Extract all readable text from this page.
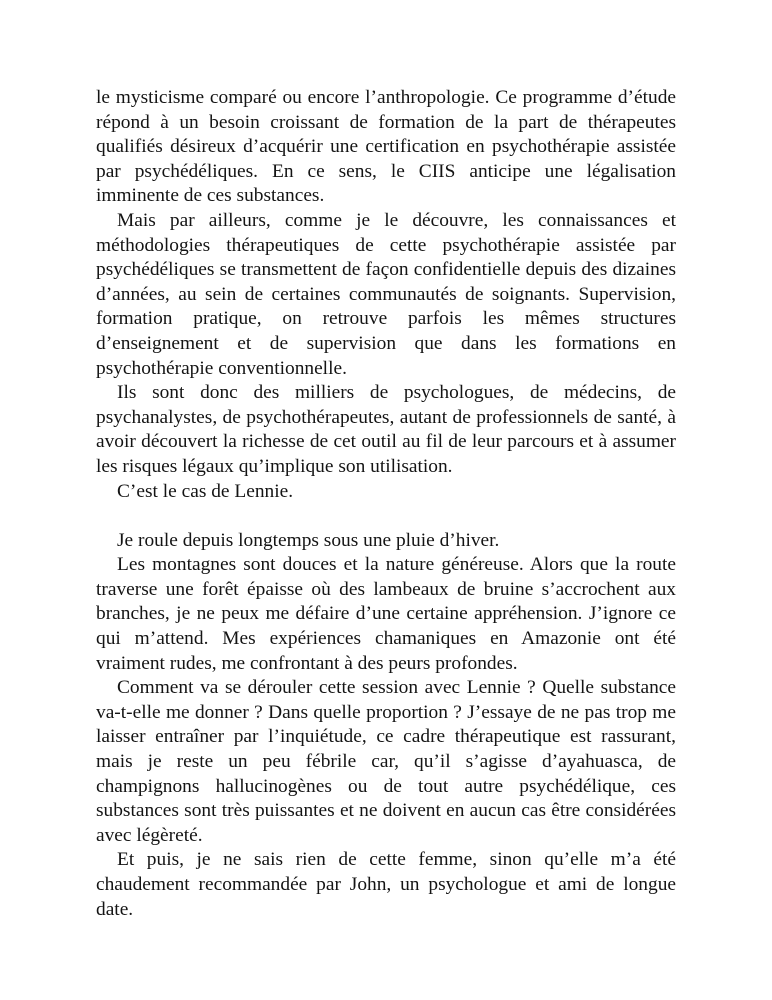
le mysticisme comparé ou encore l’anthropologie. Ce programme d’étude répond à un besoin croissant de formation de la part de thérapeutes qualifiés désireux d’acquérir une certification en psychothérapie assistée par psychédéliques. En ce sens, le CIIS anticipe une légalisation imminente de ces substances.

Mais par ailleurs, comme je le découvre, les connaissances et méthodologies thérapeutiques de cette psychothérapie assistée par psychédéliques se transmettent de façon confidentielle depuis des dizaines d’années, au sein de certaines communautés de soignants. Supervision, formation pratique, on retrouve parfois les mêmes structures d’enseignement et de supervision que dans les formations en psychothérapie conventionnelle.

Ils sont donc des milliers de psychologues, de médecins, de psychanalystes, de psychothérapeutes, autant de professionnels de santé, à avoir découvert la richesse de cet outil au fil de leur parcours et à assumer les risques légaux qu’implique son utilisation.

C’est le cas de Lennie.

Je roule depuis longtemps sous une pluie d’hiver.

Les montagnes sont douces et la nature généreuse. Alors que la route traverse une forêt épaisse où des lambeaux de bruine s’accrochent aux branches, je ne peux me défaire d’une certaine appréhension. J’ignore ce qui m’attend. Mes expériences chamaniques en Amazonie ont été vraiment rudes, me confrontant à des peurs profondes.

Comment va se dérouler cette session avec Lennie ? Quelle substance va-t-elle me donner ? Dans quelle proportion ? J’essaye de ne pas trop me laisser entraîner par l’inquiétude, ce cadre thérapeutique est rassurant, mais je reste un peu fébrile car, qu’il s’agisse d’ayahuasca, de champignons hallucinogènes ou de tout autre psychédélique, ces substances sont très puissantes et ne doivent en aucun cas être considérées avec légèreté.

Et puis, je ne sais rien de cette femme, sinon qu’elle m’a été chaudement recommandée par John, un psychologue et ami de longue date.
